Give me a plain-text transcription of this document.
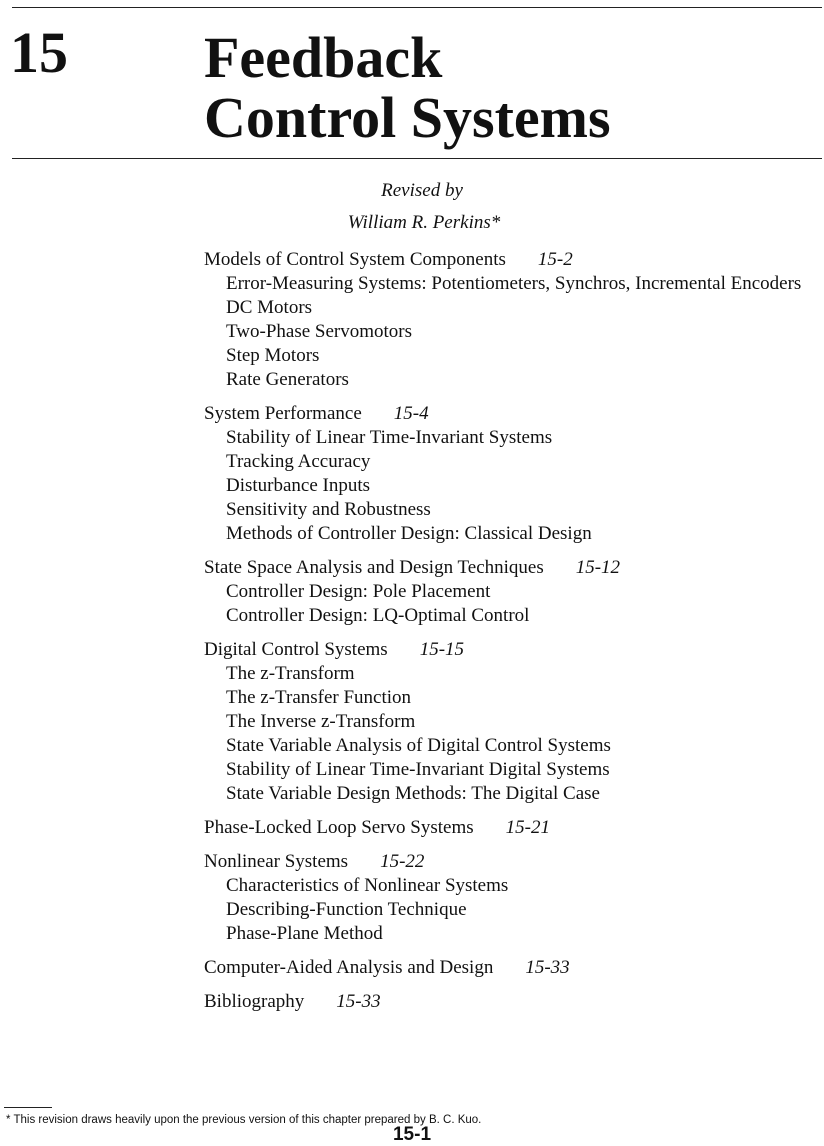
15 Feedback
Control Systems
Revised by
William R. Perkins*
Models of Control System Components 15-2
Error-Measuring Systems: Potentiometers, Synchros, Incremental Encoders
DC Motors
Two-Phase Servomotors
Step Motors
Rate Generators
System Performance 15-4
Stability of Linear Time-Invariant Systems
Tracking Accuracy
Disturbance Inputs
Sensitivity and Robustness
Methods of Controller Design: Classical Design
State Space Analysis and Design Techniques 15-12
Controller Design: Pole Placement
Controller Design: LQ-Optimal Control
Digital Control Systems 15-15
The z-Transform
The z-Transfer Function
The Inverse z-Transform
State Variable Analysis of Digital Control Systems
Stability of Linear Time-Invariant Digital Systems
State Variable Design Methods: The Digital Case
Phase-Locked Loop Servo Systems 15-21
Nonlinear Systems 15-22
Characteristics of Nonlinear Systems
Describing-Function Technique
Phase-Plane Method
Computer-Aided Analysis and Design 15-33
Bibliography 15-33
* This revision draws heavily upon the previous version of this chapter prepared by B. C. Kuo.
15-1
